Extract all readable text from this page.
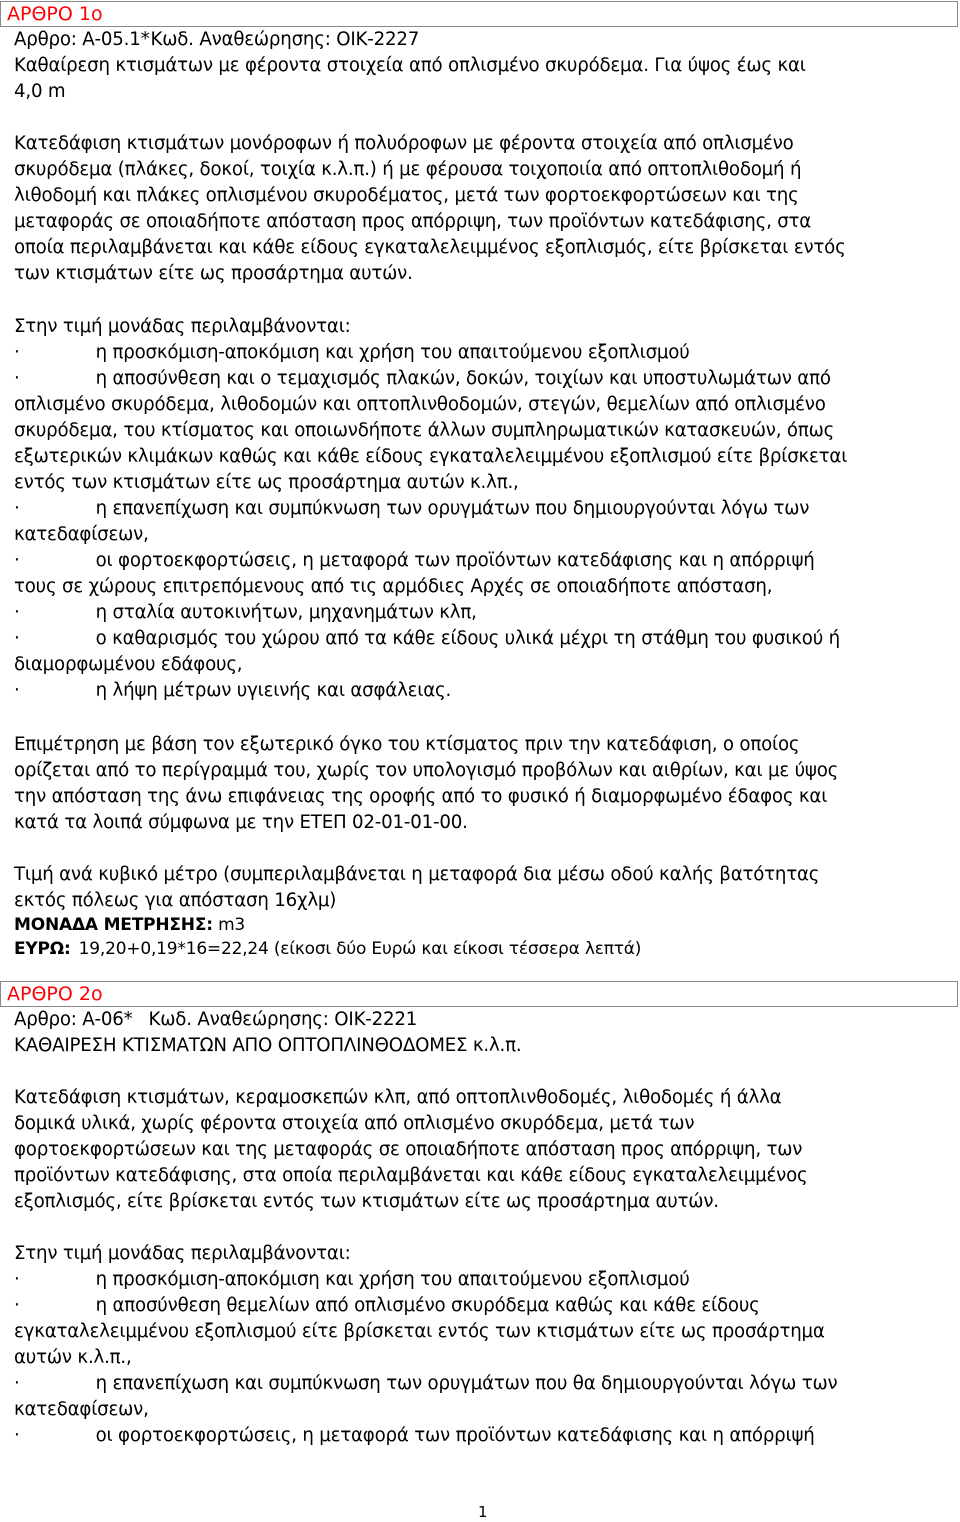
ΑΡΘΡΟ 1ο
Αρθρο: Α-05.1*Κωδ. Αναθεώρησης: ΟΙΚ-2227
Καθαίρεση κτισμάτων με φέροντα στοιχεία από οπλισμένο σκυρόδεμα. Για ύψος έως και
4,0 m
Κατεδάφιση κτισμάτων μονόροφων ή πολυόροφων με φέροντα στοιχεία από οπλισμένο
σκυρόδεμα (πλάκες, δοκοί, τοιχία κ.λ.π.) ή με φέρουσα τοιχοποιία από οπτοπλιθοδομή ή
λιθοδομή και πλάκες οπλισμένου σκυροδέματος, μετά των φορτοεκφορτώσεων και της
μεταφοράς σε οποιαδήποτε απόσταση προς απόρριψη, των προϊόντων κατεδάφισης, στα
οποία περιλαμβάνεται και κάθε είδους εγκαταλελειμμένος εξοπλισμός, είτε βρίσκεται εντός
των κτισμάτων είτε ως προσάρτημα αυτών.
Στην τιμή μονάδας περιλαμβάνονται:
·	η προσκόμιση-αποκόμιση και χρήση του απαιτούμενου εξοπλισμού
·	η αποσύνθεση και ο τεμαχισμός πλακών, δοκών, τοιχίων και υποστυλωμάτων από
οπλισμένο σκυρόδεμα, λιθοδομών και οπτοπλινθοδομών, στεγών, θεμελίων από οπλισμένο
σκυρόδεμα, του κτίσματος και οποιωνδήποτε άλλων συμπληρωματικών κατασκευών, όπως
εξωτερικών κλιμάκων καθώς και κάθε είδους εγκαταλελειμμένου εξοπλισμού είτε βρίσκεται
εντός των κτισμάτων είτε ως προσάρτημα αυτών κ.λπ.,
·	η επανεπίχωση και συμπύκνωση των ορυγμάτων που δημιουργούνται λόγω των
κατεδαφίσεων,
·	οι φορτοεκφορτώσεις, η μεταφορά των προϊόντων κατεδάφισης και η απόρριψή
τους σε χώρους επιτρεπόμενους από τις αρμόδιες Αρχές σε οποιαδήποτε απόσταση,
·	η σταλία αυτοκινήτων, μηχανημάτων κλπ,
·	ο καθαρισμός του χώρου από τα κάθε είδους υλικά μέχρι τη στάθμη του φυσικού ή
διαμορφωμένου εδάφους,
·	η λήψη μέτρων υγιεινής και ασφάλειας.
Επιμέτρηση με βάση τον εξωτερικό όγκο του κτίσματος πριν την κατεδάφιση, ο οποίος
ορίζεται από το περίγραμμά του, χωρίς τον υπολογισμό προβόλων και αιθρίων, και με ύψος
την απόσταση της άνω επιφάνειας της οροφής από το φυσικό ή διαμορφωμένο έδαφος και
κατά τα λοιπά σύμφωνα με την ΕΤΕΠ 02-01-01-00.
Τιμή ανά κυβικό μέτρο (συμπεριλαμβάνεται η μεταφορά δια μέσω οδού καλής βατότητας
εκτός πόλεως για απόσταση 16χλμ)
ΜΟΝΑΔΑ ΜΕΤΡΗΣΗΣ: m3
ΕΥΡΩ: 19,20+0,19*16=22,24 (είκοσι δύο Ευρώ και είκοσι τέσσερα λεπτά)
ΑΡΘΡΟ 2ο
Αρθρο: Α-06* Κωδ. Αναθεώρησης: ΟΙΚ-2221
ΚΑΘΑΙΡΕΣΗ ΚΤΙΣΜΑΤΩΝ ΑΠΟ ΟΠΤΟΠΛΙΝΘΟΔΟΜΕΣ κ.λ.π.
Κατεδάφιση κτισμάτων, κεραμοσκεπών κλπ, από οπτοπλινθοδομές, λιθοδομές ή άλλα
δομικά υλικά, χωρίς φέροντα στοιχεία από οπλισμένο σκυρόδεμα, μετά των
φορτοεκφορτώσεων και της μεταφοράς σε οποιαδήποτε απόσταση προς απόρριψη, των
προϊόντων κατεδάφισης, στα οποία περιλαμβάνεται και κάθε είδους εγκαταλελειμμένος
εξοπλισμός, είτε βρίσκεται εντός των κτισμάτων είτε ως προσάρτημα αυτών.
Στην τιμή μονάδας περιλαμβάνονται:
·	η προσκόμιση-αποκόμιση και χρήση του απαιτούμενου εξοπλισμού
·	η αποσύνθεση θεμελίων από οπλισμένο σκυρόδεμα καθώς και κάθε είδους
εγκαταλελειμμένου εξοπλισμού είτε βρίσκεται εντός των κτισμάτων είτε ως προσάρτημα
αυτών κ.λ.π.,
·	η επανεπίχωση και συμπύκνωση των ορυγμάτων που θα δημιουργούνται λόγω των
κατεδαφίσεων,
·	οι φορτοεκφορτώσεις, η μεταφορά των προϊόντων κατεδάφισης και η απόρριψή
1
